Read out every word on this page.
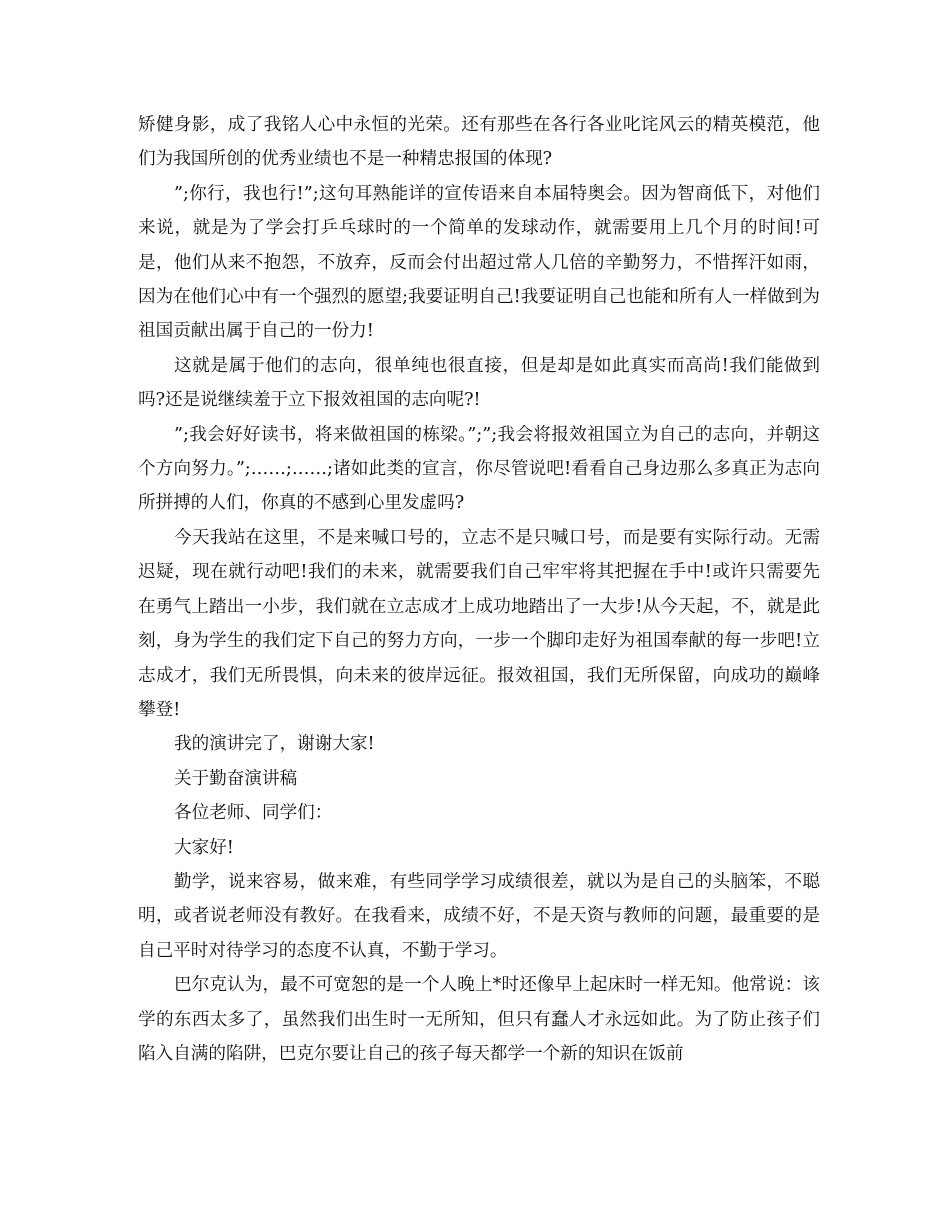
矫健身影，成了我铭人心中永恒的光荣。还有那些在各行各业叱诧风云的精英模范，他们为我国所创的优秀业绩也不是一种精忠报国的体现?

”;你行，我也行!”;这句耳熟能详的宣传语来自本届特奥会。因为智商低下，对他们来说，就是为了学会打乒乓球时的一个简单的发球动作，就需要用上几个月的时间!可是，他们从来不抱怨，不放弃，反而会付出超过常人几倍的辛勤努力，不惜挥汗如雨，因为在他们心中有一个强烈的愿望;我要证明自己!我要证明自己也能和所有人一样做到为祖国贡献出属于自己的一份力!

这就是属于他们的志向，很单纯也很直接，但是却是如此真实而高尚!我们能做到吗?还是说继续羞于立下报效祖国的志向呢?!

”;我会好好读书，将来做祖国的栋梁。”;”;我会将报效祖国立为自己的志向，并朝这个方向努力。”;……;……;诸如此类的宣言，你尽管说吧!看看自己身边那么多真正为志向所拼搏的人们，你真的不感到心里发虚吗?

今天我站在这里，不是来喊口号的，立志不是只喊口号，而是要有实际行动。无需迟疑，现在就行动吧!我们的未来，就需要我们自己牢牢将其把握在手中!或许只需要先在勇气上踏出一小步，我们就在立志成才上成功地踏出了一大步!从今天起，不，就是此刻，身为学生的我们定下自己的努力方向，一步一个脚印走好为祖国奉献的每一步吧!立志成才，我们无所畏惧，向未来的彼岸远征。报效祖国，我们无所保留，向成功的巅峰攀登!

我的演讲完了，谢谢大家!

关于勤奋演讲稿

各位老师、同学们：

大家好!

勤学，说来容易，做来难，有些同学学习成绩很差，就以为是自己的头脑笨，不聪明，或者说老师没有教好。在我看来，成绩不好，不是天资与教师的问题，最重要的是自己平时对待学习的态度不认真，不勤于学习。

巴尔克认为，最不可宽恕的是一个人晚上*时还像早上起床时一样无知。他常说：该学的东西太多了，虽然我们出生时一无所知，但只有蠢人才永远如此。为了防止孩子们陷入自满的陷阱，巴克尔要让自己的孩子每天都学一个新的知识在饭前
